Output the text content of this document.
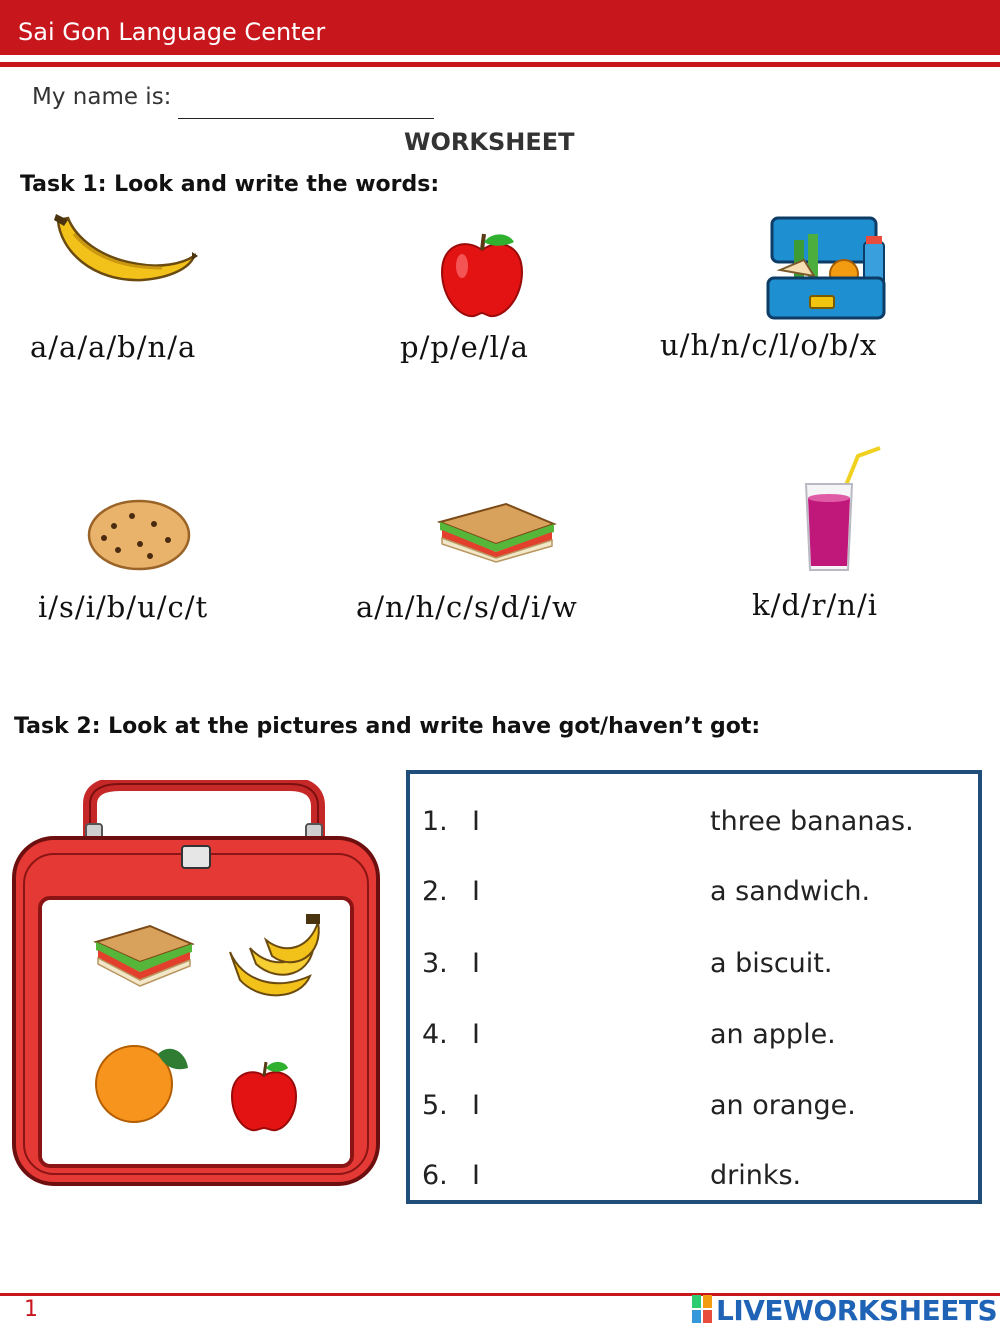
Sai Gon Language Center
My name is:
WORKSHEET
Task 1: Look and write the words:
a/a/a/b/n/a	p/p/e/l/a	u/h/n/c/l/o/b/x
i/s/i/b/u/c/t	a/n/h/c/s/d/i/w	k/d/r/n/i
Task 2: Look at the pictures and write have got/haven’t got:
1. I	three bananas.
2. I	a sandwich.
3. I	a biscuit.
4. I	an apple.
5. I	an orange.
6. I	drinks.
1	LIVEWORKSHEETS
